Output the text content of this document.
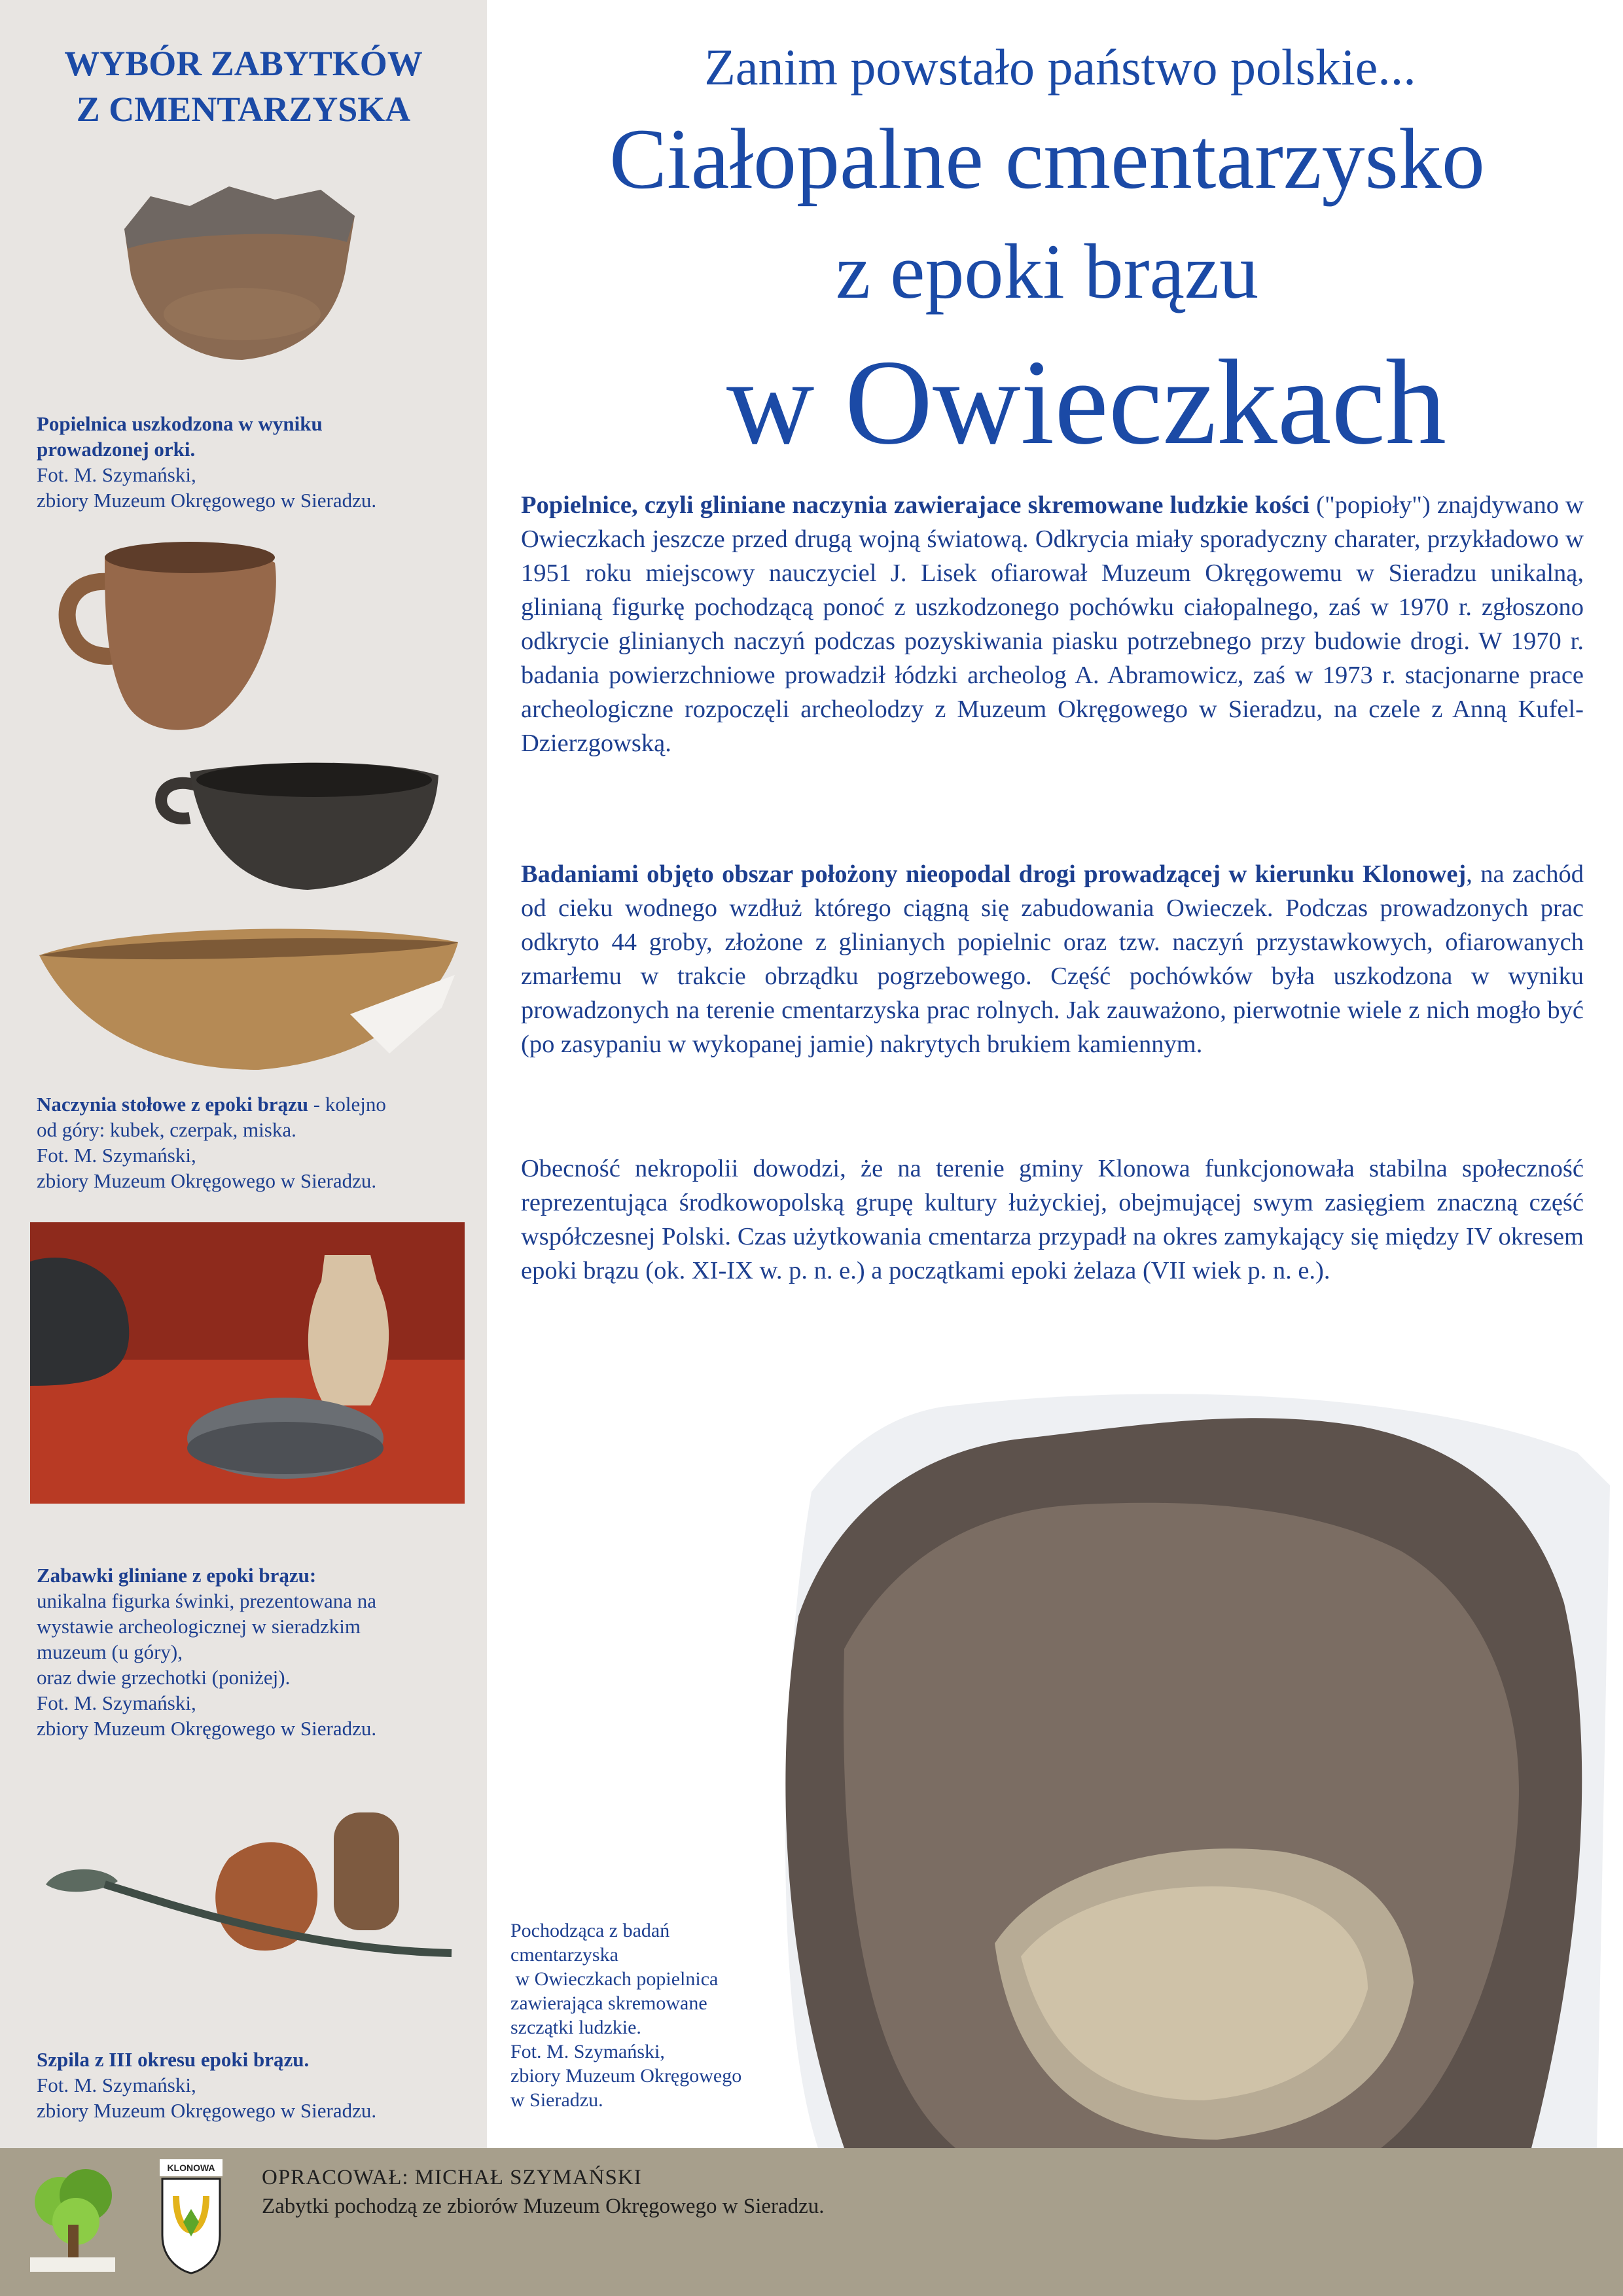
WYBÓR ZABYTKÓW
Z CMENTARZYSKA
Popielnica uszkodzona w wyniku
prowadzonej orki.
Fot. M. Szymański,
zbiory Muzeum Okręgowego w Sieradzu.
Naczynia stołowe z epoki brązu - kolejno
od góry: kubek, czerpak, miska.
Fot. M. Szymański,
zbiory Muzeum Okręgowego w Sieradzu.
Zabawki gliniane z epoki brązu:
unikalna figurka świnki, prezentowana na
wystawie archeologicznej w sieradzkim
muzeum (u góry),
oraz dwie grzechotki (poniżej).
Fot. M. Szymański,
zbiory Muzeum Okręgowego w Sieradzu.
Szpila z III okresu epoki brązu.
Fot. M. Szymański,
zbiory Muzeum Okręgowego w Sieradzu.
Zanim powstało państwo polskie...
Ciałopalne cmentarzysko
z epoki brązu
w Owieczkach

Popielnice, czyli gliniane naczynia zawierajace skremowane ludzkie kości ("popioły") znajdywano w Owieczkach jeszcze przed drugą wojną światową. Odkrycia miały sporadyczny charater, przykładowo w 1951 roku miejscowy nauczyciel J. Lisek ofiarował Muzeum Okręgowemu w Sieradzu unikalną, glinianą figurkę pochodzącą ponoć z uszkodzonego pochówku ciałopalnego, zaś w 1970 r. zgłoszono odkrycie glinianych naczyń podczas pozyskiwania piasku potrzebnego przy budowie drogi. W 1970 r. badania powierzchniowe prowadził łódzki archeolog A. Abramowicz, zaś w 1973 r. stacjonarne prace archeologiczne rozpoczęli archeolodzy z Muzeum Okręgowego w Sieradzu, na czele z Anną Kufel-Dzierzgowską.

Badaniami objęto obszar położony nieopodal drogi prowadzącej w kierunku Klonowej, na zachód od cieku wodnego wzdłuż którego ciągną się zabudowania Owieczek. Podczas prowadzonych prac odkryto 44 groby, złożone z glinianych popielnic oraz tzw. naczyń przystawkowych, ofiarowanych zmarłemu w trakcie obrządku pogrzebowego. Część pochówków była uszkodzona w wyniku prowadzonych na terenie cmentarzyska prac rolnych. Jak zauważono, pierwotnie wiele z nich mogło być (po zasypaniu w wykopanej jamie) nakrytych brukiem kamiennym.

Obecność nekropolii dowodzi, że na terenie gminy Klonowa funkcjonowała stabilna społeczność reprezentująca środkowopolską grupę kultury łużyckiej, obejmującej swym zasięgiem znaczną część współczesnej Polski. Czas użytkowania cmentarza przypadł na okres zamykający się między IV okresem epoki brązu (ok. XI-IX w. p. n. e.) a początkami epoki żelaza (VII wiek p. n. e.).

Pochodząca z badań
cmentarzyska
w Owieczkach popielnica
zawierająca skremowane
szczątki ludzkie.
Fot. M. Szymański,
zbiory Muzeum Okręgowego
w Sieradzu.
KLONOWA	OPRACOWAŁ: MICHAŁ SZYMAŃSKI
Zabytki pochodzą ze zbiorów Muzeum Okręgowego w Sieradzu.
